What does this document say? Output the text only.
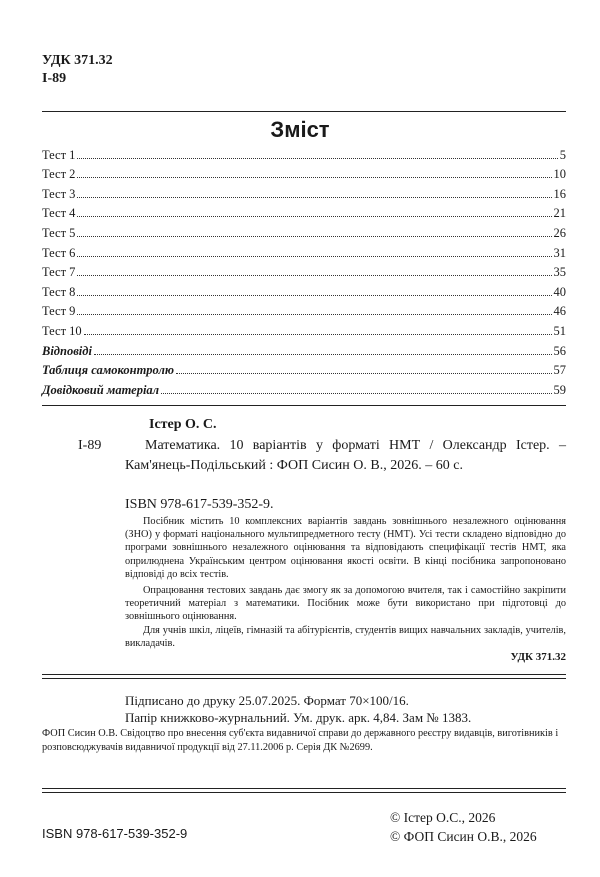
УДК 371.32
І-89
Зміст
Тест 1	5
Тест 2	10
Тест 3	16
Тест 4	21
Тест 5	26
Тест 6	31
Тест 7	35
Тест 8	40
Тест 9	46
Тест 10	51
Відповіді	56
Таблиця самоконтролю	57
Довідковий матеріал	59
Істер О. С.
І-89	Математика. 10 варіантів у форматі НМТ / Олександр Істер. – Кам'янець-Подільський : ФОП Сисин О. В., 2026. – 60 с.

ISBN 978-617-539-352-9.

Посібник містить 10 комплексних варіантів завдань зовнішнього незалежного оцінювання (ЗНО) у форматі національного мультипредметного тесту (НМТ). Усі тести складено відповідно до програми зовнішнього незалежного оцінювання та відповідають специфікації тестів НМТ, яка оприлюднена Українським центром оцінювання якості освіти. В кінці посібника запропоновано відповіді до всіх тестів.

Опрацювання тестових завдань дає змогу як за допомогою вчителя, так і самостійно закріпити теоретичний матеріал з математики. Посібник може бути використано при підготовці до зовнішнього оцінювання.

Для учнів шкіл, ліцеїв, гімназій та абітурієнтів, студентів вищих навчальних закладів, учителів, викладачів.

УДК 371.32
Підписано до друку 25.07.2025. Формат 70×100/16.
Папір книжково-журнальний. Ум. друк. арк. 4,84. Зам № 1383.
ФОП Сисин О.В. Свідоцтво про внесення суб'єкта видавничої справи до державного реєстру видавців, виготівників і розповсюджувачів видавничої продукції від 27.11.2006 р. Серія ДК №2699.
© Істер О.С., 2026
© ФОП Сисин О.В., 2026
ISBN 978-617-539-352-9
